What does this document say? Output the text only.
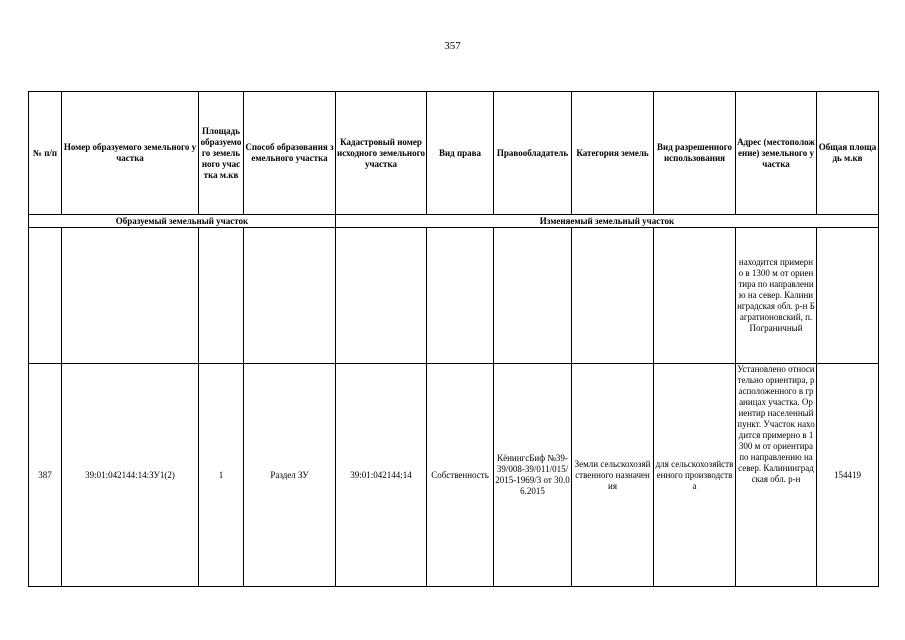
357
№ п/п	Номер образуемого земельного участка	Площадь образуемого земельного участка м.кв	Способ образования земельного участка	Кадастровый номер исходного земельного участка	Вид права	Правообладатель	Категория земель	Вид разрешенного использования	Адрес (местоположение) земельного участка	Общая площадь м.кв
Образуемый земельный участок				Изменяемый земельный участок						
									находится примерно в 1300 м от ориентира по направлению на север. Калининградская обл. р-н Багратионовский, п. Пограничный	
387	39:01:042144:14:ЗУ1(2)	1	Раздел ЗУ	39:01:042144:14	Собственность	КёнингсБиф №39-39/008-39/011/015/2015-1969/3 от 30.06.2015	Земли сельскохозяйственного назначения	для сельскохозяйственного производства	Установлено относительно ориентира, расположенного в границах участка. Ориентир населенный пункт. Участок находится примерно в 1300 м от ориентира по направлению на север. Калининградская обл. р-н	154419
